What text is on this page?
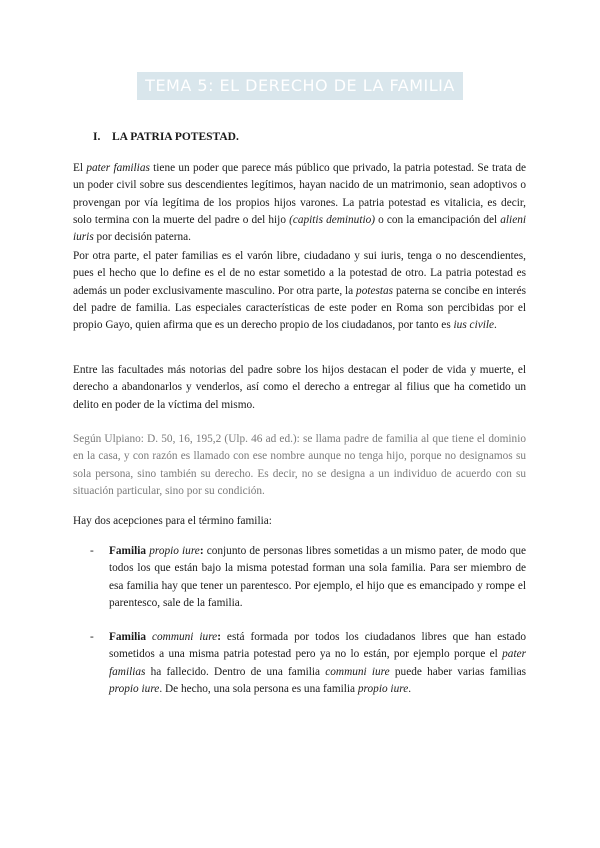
TEMA 5: EL DERECHO DE LA FAMILIA
I. LA PATRIA POTESTAD.

El pater familias tiene un poder que parece más público que privado, la patria potestad. Se trata de un poder civil sobre sus descendientes legítimos, hayan nacido de un matrimonio, sean adoptivos o provengan por vía legítima de los propios hijos varones. La patria potestad es vitalicia, es decir, solo termina con la muerte del padre o del hijo (capitis deminutio) o con la emancipación del alieni iuris por decisión paterna.

Por otra parte, el pater familias es el varón libre, ciudadano y sui iuris, tenga o no descendientes, pues el hecho que lo define es el de no estar sometido a la potestad de otro. La patria potestad es además un poder exclusivamente masculino. Por otra parte, la potestas paterna se concibe en interés del padre de familia. Las especiales características de este poder en Roma son percibidas por el propio Gayo, quien afirma que es un derecho propio de los ciudadanos, por tanto es ius civile.

Entre las facultades más notorias del padre sobre los hijos destacan el poder de vida y muerte, el derecho a abandonarlos y venderlos, así como el derecho a entregar al filius que ha cometido un delito en poder de la víctima del mismo.

Según Ulpiano: D. 50, 16, 195,2 (Ulp. 46 ad ed.): se llama padre de familia al que tiene el dominio en la casa, y con razón es llamado con ese nombre aunque no tenga hijo, porque no designamos su sola persona, sino también su derecho. Es decir, no se designa a un individuo de acuerdo con su situación particular, sino por su condición.

Hay dos acepciones para el término familia:

- Familia propio iure: conjunto de personas libres sometidas a un mismo pater, de modo que todos los que están bajo la misma potestad forman una sola familia. Para ser miembro de esa familia hay que tener un parentesco. Por ejemplo, el hijo que es emancipado y rompe el parentesco, sale de la familia.
- Familia communi iure: está formada por todos los ciudadanos libres que han estado sometidos a una misma patria potestad pero ya no lo están, por ejemplo porque el pater familias ha fallecido. Dentro de una familia communi iure puede haber varias familias propio iure. De hecho, una sola persona es una familia propio iure.
